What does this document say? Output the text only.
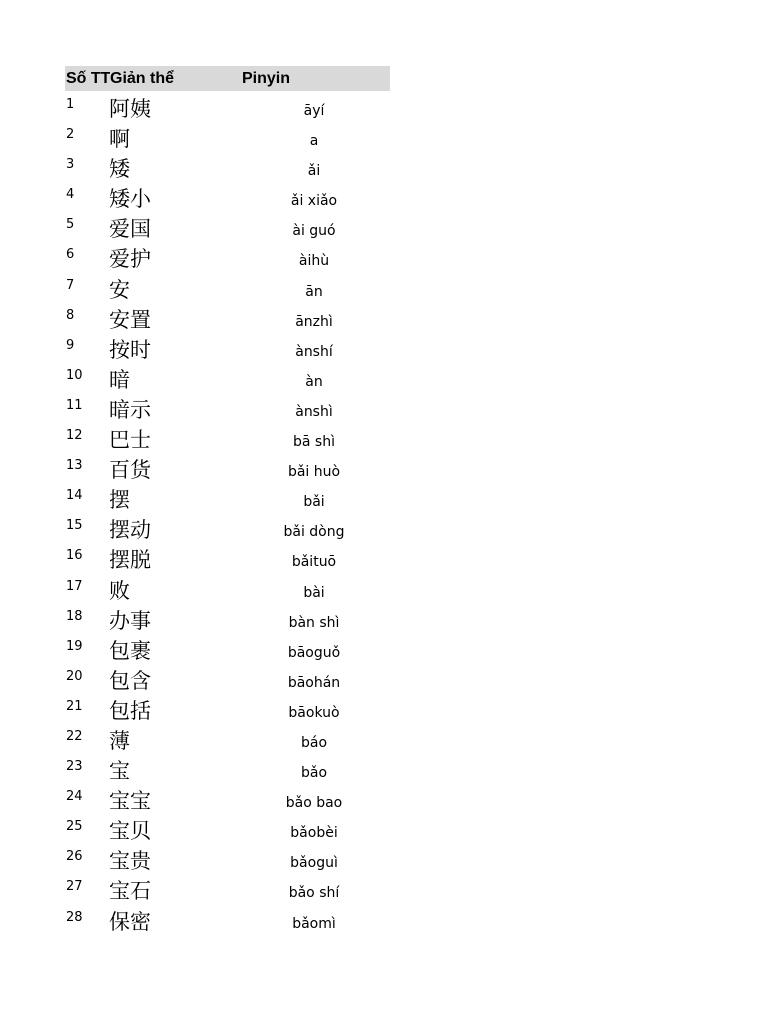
Số TT Giản thể	Pinyin
1 阿姨	āyí
2 啊	a
3 矮	ǎi
4 矮小	ǎi xiǎo
5 爱国	ài guó
6 爱护	àihù
7 安	ān
8 安置	ānzhì
9 按时	ànshí
10 暗	àn
11 暗示	ànshì
12 巴士	bā shì
13 百货	bǎi huò
14 摆	bǎi
15 摆动	bǎi dòng
16 摆脱	bǎituō
17 败	bài
18 办事	bàn shì
19 包裹	bāoguǒ
20 包含	bāohán
21 包括	bāokuò
22 薄	báo
23 宝	bǎo
24 宝宝	bǎo bao
25 宝贝	bǎobèi
26 宝贵	bǎoguì
27 宝石	bǎo shí
28 保密	bǎomì
